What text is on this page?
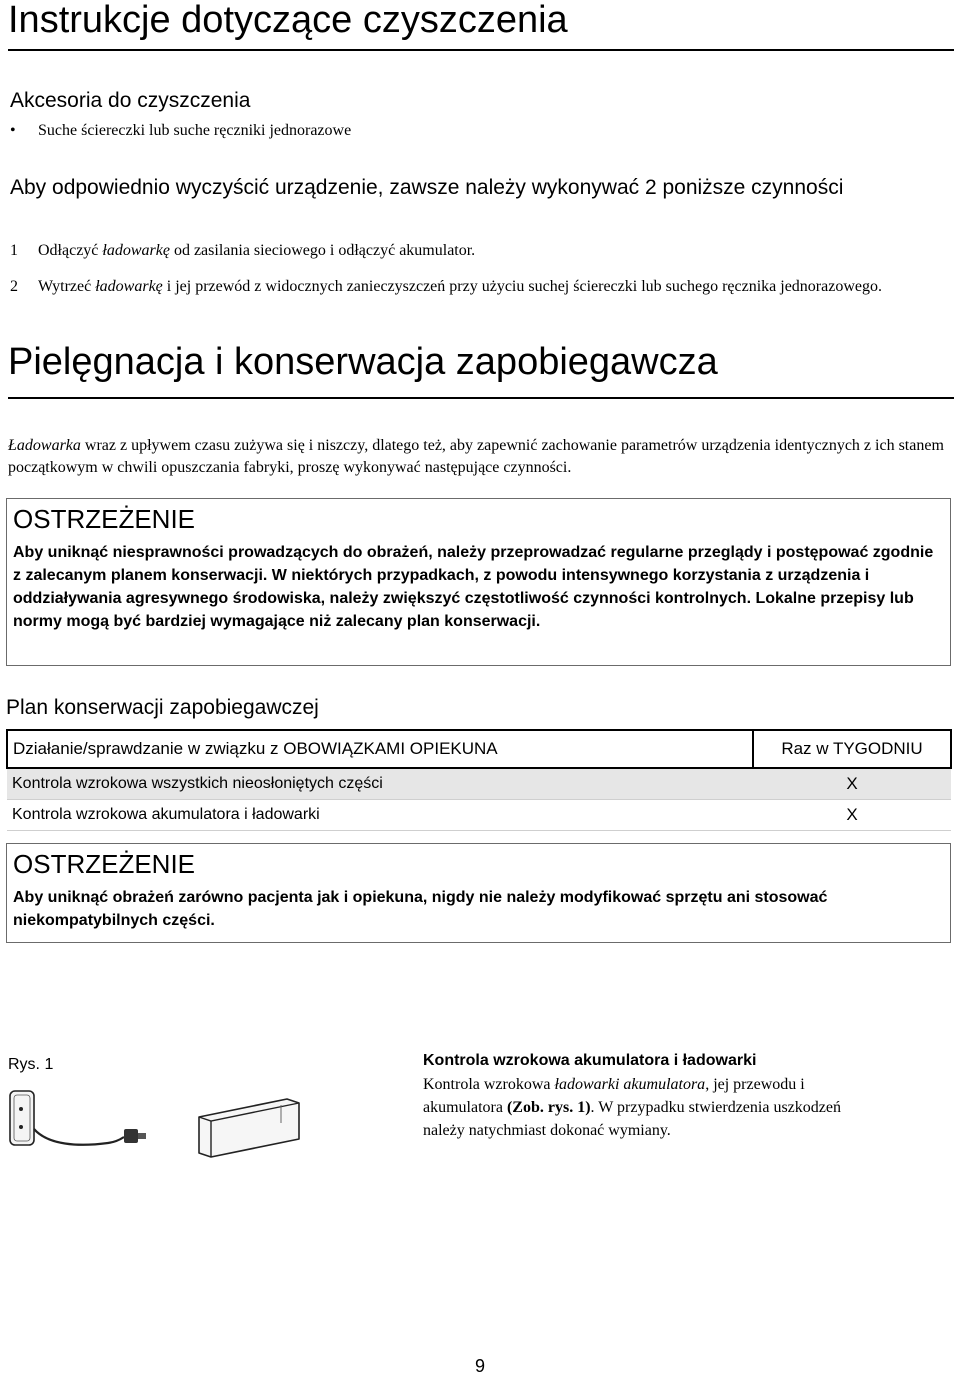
Instrukcje dotyczące czyszczenia
Akcesoria do czyszczenia
• Suche ściereczki lub suche ręczniki jednorazowe
Aby odpowiednio wyczyścić urządzenie, zawsze należy wykonywać 2 poniższe czynności
1 Odłączyć ładowarkę od zasilania sieciowego i odłączyć akumulator.
2 Wytrzeć ładowarkę i jej przewód z widocznych zanieczyszczeń przy użyciu suchej ściereczki lub suchego ręcznika jednorazowego.
Pielęgnacja i konserwacja zapobiegawcza
Ładowarka wraz z upływem czasu zużywa się i niszczy, dlatego też, aby zapewnić zachowanie parametrów urządzenia identycznych z ich stanem początkowym w chwili opuszczania fabryki, proszę wykonywać następujące czynności.
OSTRZEŻENIE
Aby uniknąć niesprawności prowadzących do obrażeń, należy przeprowadzać regularne przeglądy i postępować zgodnie z zalecanym planem konserwacji. W niektórych przypadkach, z powodu intensywnego korzystania z urządzenia i oddziaływania agresywnego środowiska, należy zwiększyć częstotliwość czynności kontrolnych. Lokalne przepisy lub normy mogą być bardziej wymagające niż zalecany plan konserwacji.
Plan konserwacji zapobiegawczej
Działanie/sprawdzanie w związku z OBOWIĄZKAMI OPIEKUNA	Raz w TYGODNIU
Kontrola wzrokowa wszystkich nieosłoniętych części	X
Kontrola wzrokowa akumulatora i ładowarki	X
OSTRZEŻENIE
Aby uniknąć obrażeń zarówno pacjenta jak i opiekuna, nigdy nie należy modyfikować sprzętu ani stosować niekompatybilnych części.
Rys. 1	Kontrola wzrokowa akumulatora i ładowarki
Kontrola wzrokowa ładowarki akumulatora, jej przewodu i akumulatora (Zob. rys. 1). W przypadku stwierdzenia uszkodzeń należy natychmiast dokonać wymiany.
9
